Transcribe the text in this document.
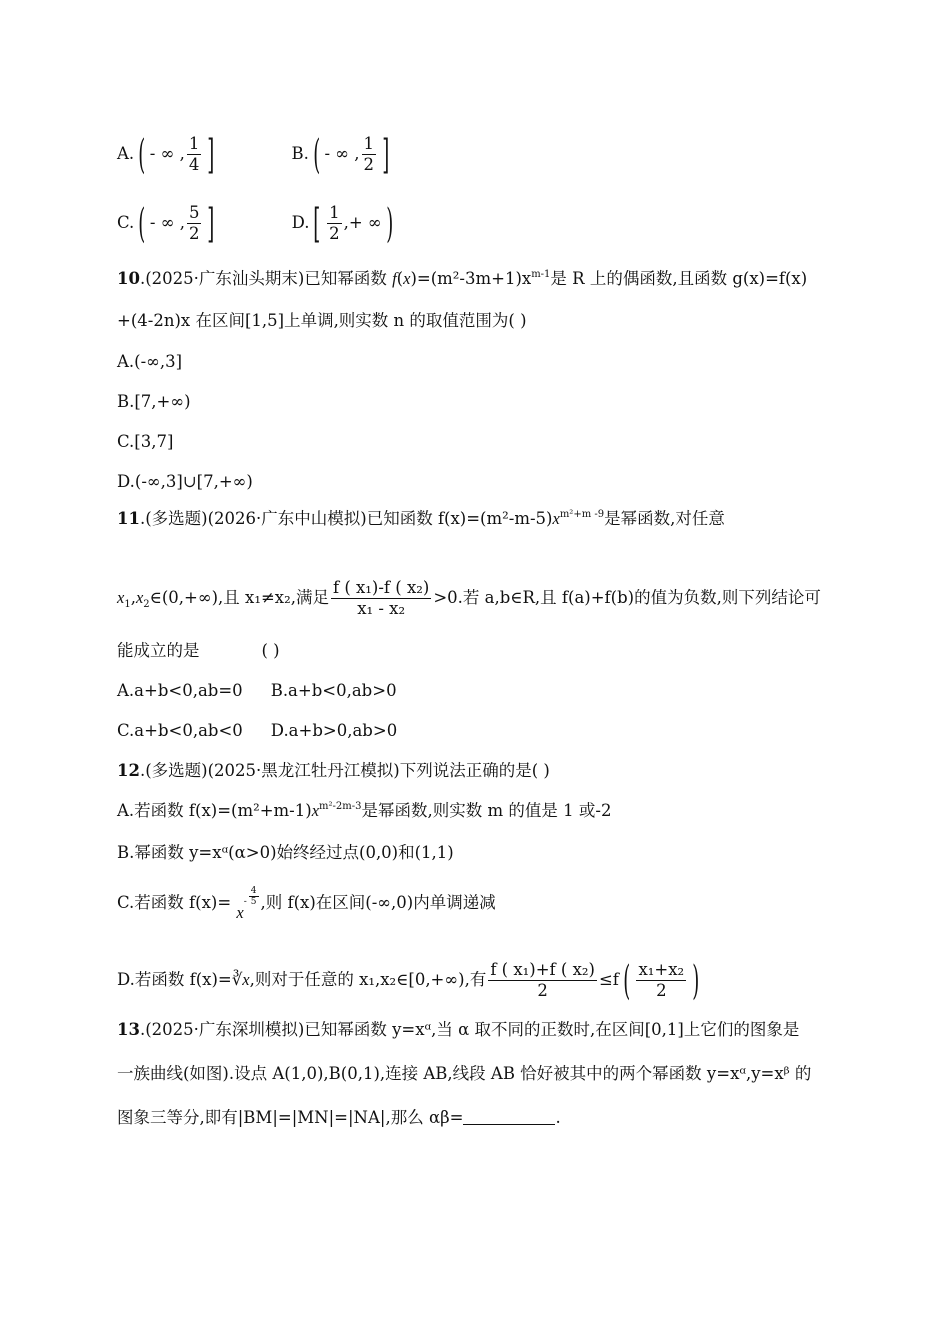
A. ( - ∞ , $\frac{1}{4}$ ]	B. ( - ∞ , $\frac{1}{2}$ ]
C. ( - ∞ , $\frac{5}{2}$ ]	D. [ $\frac{1}{2}$ ,+ ∞ )
10.(2025·广东汕头期末)已知幂函数 $f(x)=(m^2-3m+1)x^{m-1}$是 R 上的偶函数,且函数 g(x)=f(x)
+(4-2n)x 在区间[1,5]上单调,则实数 n 的取值范围为( )
A.(-∞,3]
B.[7,+∞)
C.[3,7]
D.(-∞,3]∪[7,+∞)
11.(多选题)(2026·广东中山模拟)已知函数 $f(x)=(m^2-m-5)x^{m^2+m -9}$是幂函数,对任意
$x_1,x_2\in(0,+\infty)$,且 x₁≠x₂,满足 $\frac{\text{f ( x₁)-f ( x₂)}}{\text{x₁ - x₂}} >0$.若 a,b∈R,且 f(a)+f(b)的值为负数,则下列结论可
能成立的是	( )
A.a+b<0,ab=0 B.a+b<0,ab>0
C.a+b<0,ab<0 D.a+b>0,ab>0
12.(多选题)(2025·黑龙江牡丹江模拟)下列说法正确的是( )
A.若函数 $f(x)=(m^2+m-1)x^{m^2-2m-3}$是幂函数,则实数 m 的值是 1 或-2
B.幂函数 y=xᵅ(α>0)始终经过点(0,0)和(1,1)
C.若函数 $f(x)= x- \frac{4}{5}$ ,则 f(x)在区间(-∞,0)内单调递减
D.若函数 f(x)=∛x,则对于任意的 x₁,x₂∈[0,+∞),有 $\frac{\text{f ( x₁)+f ( x₂)}}{2} \le f$ ( $\frac{\text{x₁+x₂}}{2}$ )
13.(2025·广东深圳模拟)已知幂函数 y=xᵅ,当 α 取不同的正数时,在区间[0,1]上它们的图象是
一族曲线(如图).设点 A(1,0),B(0,1),连接 AB,线段 AB 恰好被其中的两个幂函数 y=xᵅ,y=xᵝ 的
图象三等分,即有|BM|=|MN|=|NA|,那么 αβ=	.
